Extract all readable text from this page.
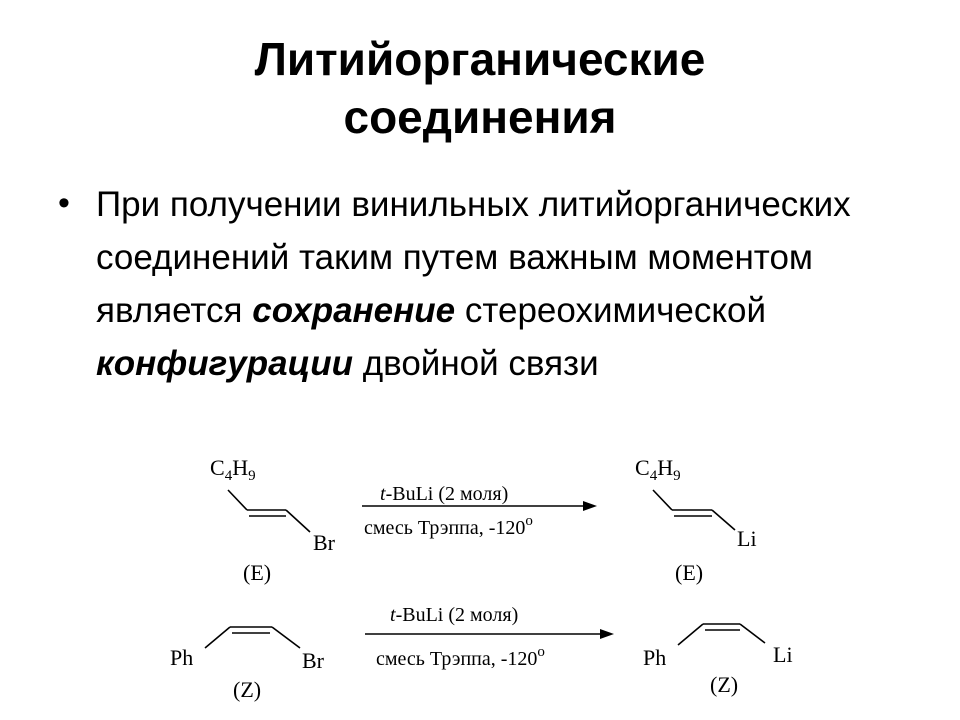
Литийорганические
соединения
• При получении винильных литийорганических соединений таким путем важным моментом является сохранение стереохимической конфигурации двойной связи
$C_4H_9$
Br
(E)
t-BuLi (2 моля)
смесь Трэппа, $-120^о$
$C_4H_9$
Li
(E)
Ph	Br
(Z)
t-BuLi (2 моля)
смесь Трэппа, $-120^о$	Ph	Li
(Z)
